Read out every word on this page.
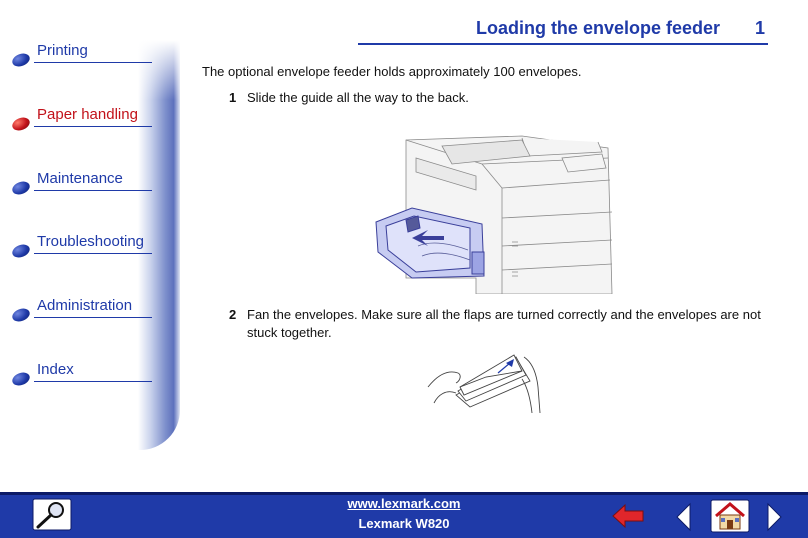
Printing
Paper handling
Maintenance
Troubleshooting
Administration
Index
Loading the envelope feeder	1
The optional envelope feeder holds approximately 100 envelopes.
1 Slide the guide all the way to the back.
2 Fan the envelopes. Make sure all the flaps are turned correctly and the envelopes are not stuck together.
www.lexmark.com
Lexmark W820
